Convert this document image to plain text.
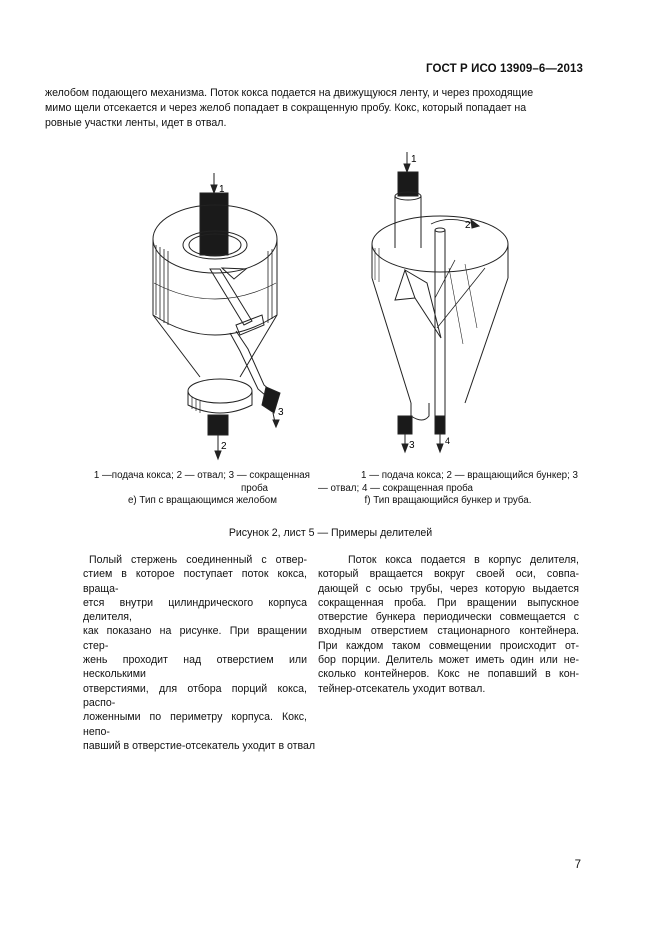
ГОСТ Р ИСО 13909–6—2013
желобом подающего механизма. Поток кокса подается на движущуюся ленту, и через проходящие
мимо щели отсекается и через желоб попадает в сокращенную пробу. Кокс, который попадает на
ровные участки ленты, идет в отвал.
1
3
2
1
2
3	4
1 —подача кокса; 2 — отвал; 3 — сокращенная
проба
е) Тип с вращающимся желобом
1 — подача кокса; 2 — вращающийся бункер; 3
— отвал; 4 — сокращенная проба
f) Тип вращающийся бункер и труба.
Рисунок 2, лист 5 — Примеры делителей
Полый стержень соединенный с отвер-
стием в которое поступает поток кокса, враща-
ется внутри цилиндрического корпуса делителя,
как показано на рисунке. При вращении стер-
жень проходит над отверстием или несколькими
отверстиями, для отбора порций кокса, распо-
ложенными по периметру корпуса. Кокс, непо-
павший в отверстие-отсекатель уходит в отвал
Поток кокса подается в корпус делителя,
который вращается вокруг своей оси, совпа-
дающей с осью трубы, через которую выдается
сокращенная проба. При вращении выпускное
отверстие бункера периодически совмещается с
входным отверстием стационарного контейнера.
При каждом таком совмещении происходит от-
бор порции. Делитель может иметь один или не-
сколько контейнеров. Кокс не попавший в кон-
тейнер-отсекатель уходит вотвал.
7
